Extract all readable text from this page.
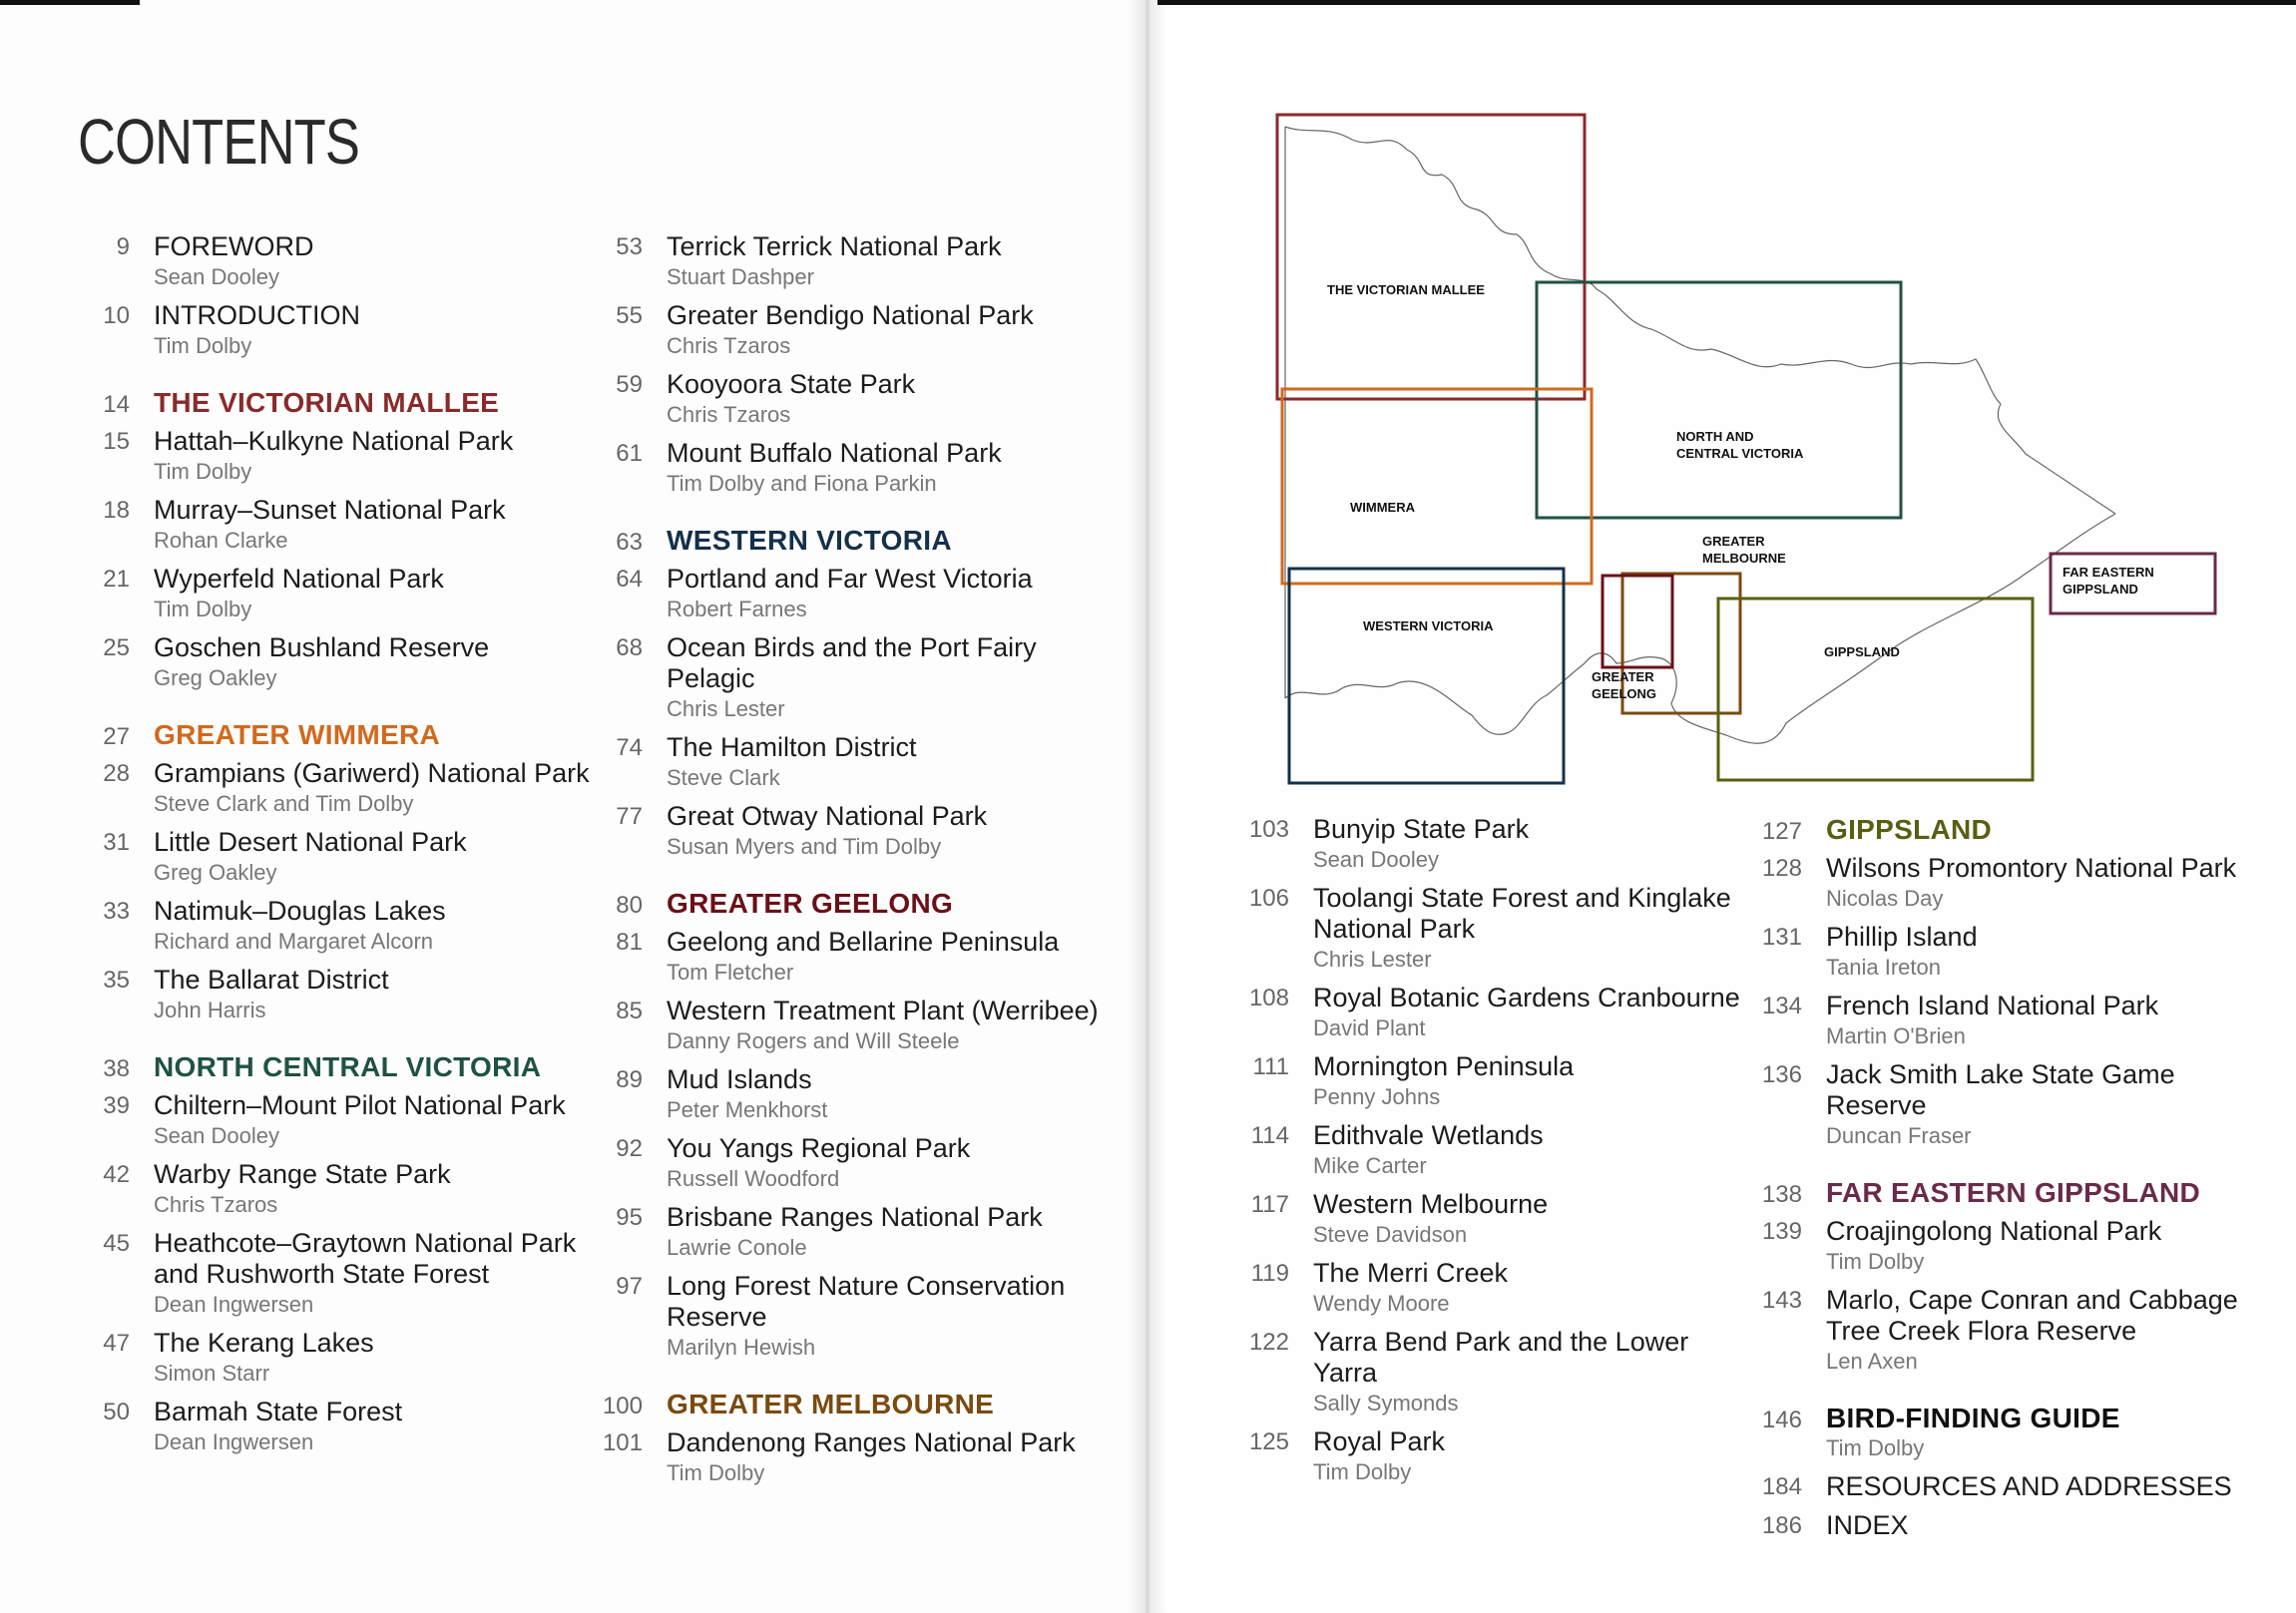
CONTENTS
9 FOREWORD
Sean Dooley
10 INTRODUCTION
Tim Dolby
14 THE VICTORIAN MALLEE
15 Hattah–Kulkyne National Park
Tim Dolby
18 Murray–Sunset National Park
Rohan Clarke
21 Wyperfeld National Park
Tim Dolby
25 Goschen Bushland Reserve
Greg Oakley
27 GREATER WIMMERA
28 Grampians (Gariwerd) National Park
Steve Clark and Tim Dolby
31 Little Desert National Park
Greg Oakley
33 Natimuk–Douglas Lakes
Richard and Margaret Alcorn
35 The Ballarat District
John Harris
38 NORTH CENTRAL VICTORIA
39 Chiltern–Mount Pilot National Park
Sean Dooley
42 Warby Range State Park
Chris Tzaros
45 Heathcote–Graytown National Park and Rushworth State Forest
Dean Ingwersen
47 The Kerang Lakes
Simon Starr
50 Barmah State Forest
Dean Ingwersen
53 Terrick Terrick National Park
Stuart Dashper
55 Greater Bendigo National Park
Chris Tzaros
59 Kooyoora State Park
Chris Tzaros
61 Mount Buffalo National Park
Tim Dolby and Fiona Parkin
63 WESTERN VICTORIA
64 Portland and Far West Victoria
Robert Farnes
68 Ocean Birds and the Port Fairy Pelagic
Chris Lester
74 The Hamilton District
Steve Clark
77 Great Otway National Park
Susan Myers and Tim Dolby
80 GREATER GEELONG
81 Geelong and Bellarine Peninsula
Tom Fletcher
85 Western Treatment Plant (Werribee)
Danny Rogers and Will Steele
89 Mud Islands
Peter Menkhorst
92 You Yangs Regional Park
Russell Woodford
95 Brisbane Ranges National Park
Lawrie Conole
97 Long Forest Nature Conservation Reserve
Marilyn Hewish
100 GREATER MELBOURNE
101 Dandenong Ranges National Park
Tim Dolby
103 Bunyip State Park
Sean Dooley
106 Toolangi State Forest and Kinglake National Park
Chris Lester
108 Royal Botanic Gardens Cranbourne
David Plant
111 Mornington Peninsula
Penny Johns
114 Edithvale Wetlands
Mike Carter
117 Western Melbourne
Steve Davidson
119 The Merri Creek
Wendy Moore
122 Yarra Bend Park and the Lower Yarra
Sally Symonds
125 Royal Park
Tim Dolby
127 GIPPSLAND
128 Wilsons Promontory National Park
Nicolas Day
131 Phillip Island
Tania Ireton
134 French Island National Park
Martin O'Brien
136 Jack Smith Lake State Game Reserve
Duncan Fraser
138 FAR EASTERN GIPPSLAND
139 Croajingolong National Park
Tim Dolby
143 Marlo, Cape Conran and Cabbage Tree Creek Flora Reserve
Len Axen
146 BIRD-FINDING GUIDE
Tim Dolby
184 RESOURCES AND ADDRESSES
186 INDEX
THE VICTORIAN MALLEE
NORTH AND CENTRAL VICTORIA
WIMMERA
GREATER MELBOURNE
WESTERN VICTORIA
GREATER GEELONG
GIPPSLAND
FAR EASTERN GIPPSLAND
